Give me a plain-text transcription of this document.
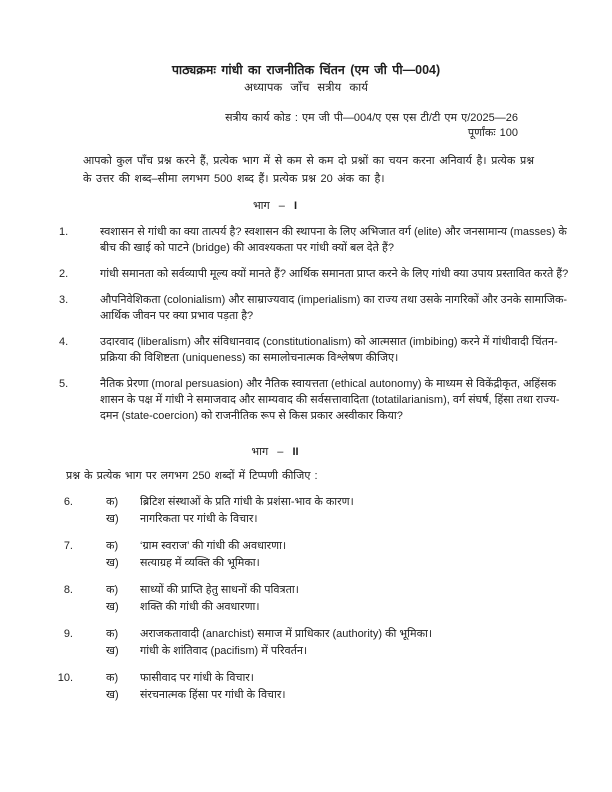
पाठ्यक्रमः गांधी का राजनीतिक चिंतन (एम जी पी—004)
अध्यापक जाँच सत्रीय कार्य
सत्रीय कार्य कोड : एम जी पी—004/ए एस एस टी/टी एम ए/2025—26
पूर्णांकः 100
आपको कुल पाँच प्रश्न करने हैं, प्रत्येक भाग में से कम से कम दो प्रश्नों का चयन करना अनिवार्य है। प्रत्येक प्रश्न के उत्तर की शब्द–सीमा लगभग 500 शब्द हैं। प्रत्येक प्रश्न 20 अंक का है।
भाग – I
1.	स्वशासन से गांधी का क्या तात्पर्य है? स्वशासन की स्थापना के लिए अभिजात वर्ग (elite) और जनसामान्य (masses) के बीच की खाई को पाटने (bridge) की आवश्यकता पर गांधी क्यों बल देते हैं?
2.	गांधी समानता को सर्वव्यापी मूल्य क्यों मानते हैं? आर्थिक समानता प्राप्त करने के लिए गांधी क्या उपाय प्रस्तावित करते हैं?
3.	औपनिवेशिकता (colonialism) और साम्राज्यवाद (imperialism) का राज्य तथा उसके नागरिकों और उनके सामाजिक-आर्थिक जीवन पर क्या प्रभाव पड़ता है?
4.	उदारवाद (liberalism) और संविधानवाद (constitutionalism) को आत्मसात (imbibing) करने में गांधीवादी चिंतन-प्रक्रिया की विशिष्टता (uniqueness) का समालोचनात्मक विश्लेषण कीजिए।
5.	नैतिक प्रेरणा (moral persuasion) और नैतिक स्वायत्तता (ethical autonomy) के माध्यम से विकेंद्रीकृत, अहिंसक शासन के पक्ष में गांधी ने समाजवाद और साम्यवाद की सर्वसत्तावादिता (totatilarianism), वर्ग संघर्ष, हिंसा तथा राज्य-दमन (state-coercion) को राजनीतिक रूप से किस प्रकार अस्वीकार किया?
भाग – II
प्रश्न के प्रत्येक भाग पर लगभग 250 शब्दों में टिप्पणी कीजिए :
6.	क)	ब्रिटिश संस्थाओं के प्रति गांधी के प्रशंसा-भाव के कारण।
ख)	नागरिकता पर गांधी के विचार।
7.	क)	‘ग्राम स्वराज’ की गांधी की अवधारणा।
ख)	सत्याग्रह में व्यक्ति की भूमिका।
8.	क)	साध्यों की प्राप्ति हेतु साधनों की पवित्रता।
ख)	शक्ति की गांधी की अवधारणा।
9.	क)	अराजकतावादी (anarchist) समाज में प्राधिकार (authority) की भूमिका।
ख)	गांधी के शांतिवाद (pacifism) में परिवर्तन।
10.	क)	फासीवाद पर गांधी के विचार।
ख)	संरचनात्मक हिंसा पर गांधी के विचार।
